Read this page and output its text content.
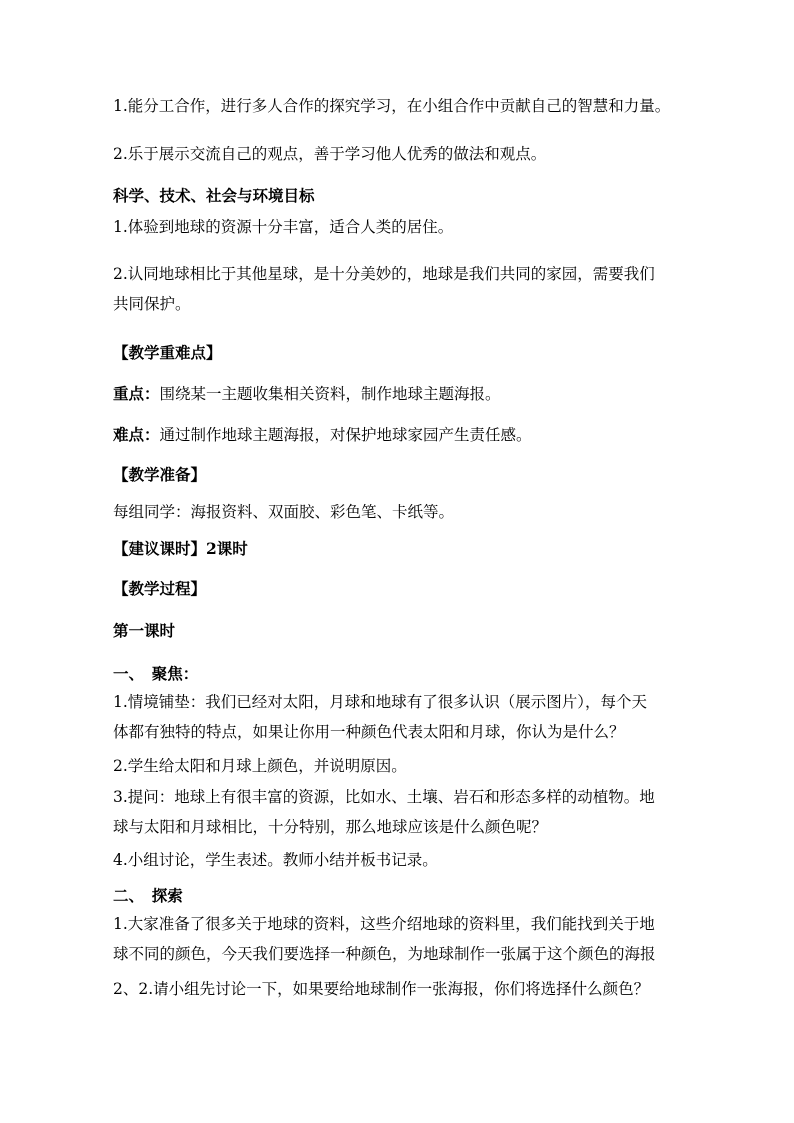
1.能分工合作，进行多人合作的探究学习，在小组合作中贡献自己的智慧和力量。

2.乐于展示交流自己的观点，善于学习他人优秀的做法和观点。

科学、技术、社会与环境目标

1.体验到地球的资源十分丰富，适合人类的居住。

2.认同地球相比于其他星球，是十分美妙的，地球是我们共同的家园，需要我们

共同保护。

【教学重难点】

重点：围绕某一主题收集相关资料，制作地球主题海报。

难点：通过制作地球主题海报，对保护地球家园产生责任感。

【教学准备】

每组同学：海报资料、双面胶、彩色笔、卡纸等。

【建议课时】2课时

【教学过程】

第一课时

一、　聚焦：

1.情境铺垫：我们已经对太阳，月球和地球有了很多认识（展示图片），每个天

体都有独特的特点，如果让你用一种颜色代表太阳和月球，你认为是什么？

2.学生给太阳和月球上颜色，并说明原因。

3.提问：地球上有很丰富的资源，比如水、土壤、岩石和形态多样的动植物。地

球与太阳和月球相比，十分特别，那么地球应该是什么颜色呢？

4.小组讨论，学生表述。教师小结并板书记录。

二、　探索

1.大家准备了很多关于地球的资料，这些介绍地球的资料里，我们能找到关于地

球不同的颜色，今天我们要选择一种颜色，为地球制作一张属于这个颜色的海报

2、2.请小组先讨论一下，如果要给地球制作一张海报，你们将选择什么颜色？
